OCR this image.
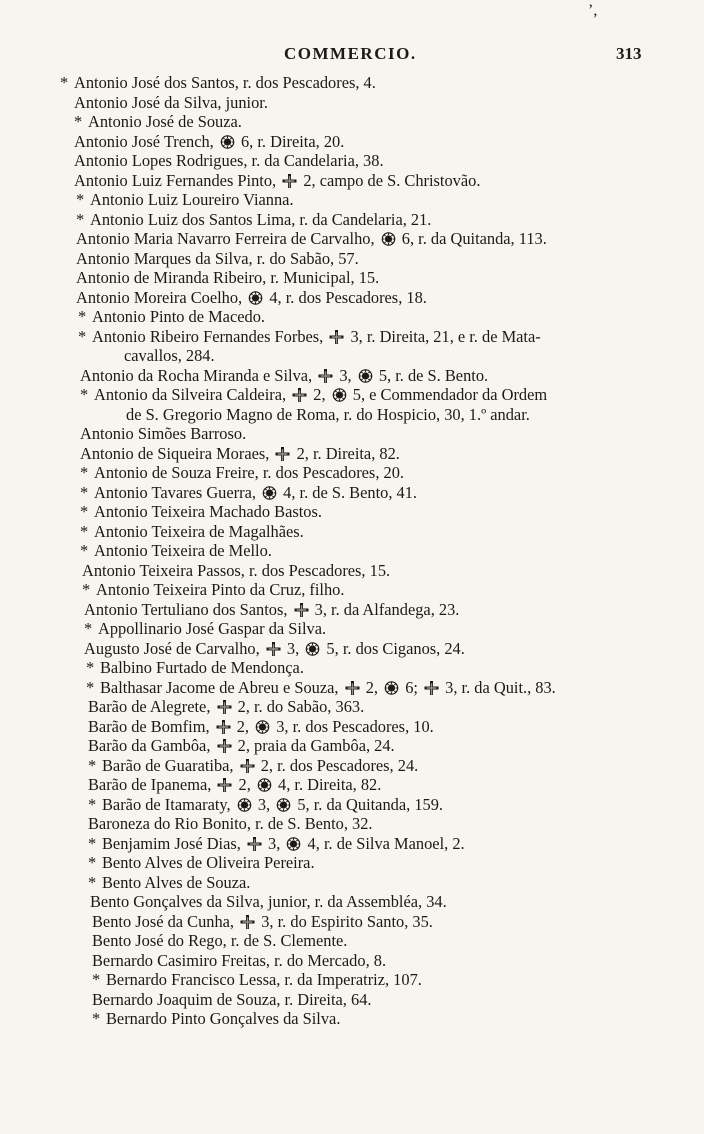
ʼ,
COMMERCIO.	313
* Antonio José dos Santos, r. dos Pescadores, 4.
Antonio José da Silva, junior.
* Antonio José de Souza.
Antonio José Trench,
6, r. Direita, 20.
Antonio Lopes Rodrigues, r. da Candelaria, 38.
Antonio Luiz Fernandes Pinto,
2, campo de S. Christovão.
* Antonio Luiz Loureiro Vianna.
* Antonio Luiz dos Santos Lima, r. da Candelaria, 21.
Antonio Maria Navarro Ferreira de Carvalho,
6, r. da Quitanda, 113.
Antonio Marques da Silva, r. do Sabão, 57.
Antonio de Miranda Ribeiro, r. Municipal, 15.
Antonio Moreira Coelho,
4, r. dos Pescadores, 18.
* Antonio Pinto de Macedo.
* Antonio Ribeiro Fernandes Forbes,
3, r. Direita, 21, e r. de Mata-
cavallos, 284.
Antonio da Rocha Miranda e Silva,
3,
5, r. de S. Bento.
* Antonio da Silveira Caldeira,
2,
5, e Commendador da Ordem
de S. Gregorio Magno de Roma, r. do Hospicio, 30, 1.º andar.
Antonio Simões Barroso.
Antonio de Siqueira Moraes,
2, r. Direita, 82.
* Antonio de Souza Freire, r. dos Pescadores, 20.
* Antonio Tavares Guerra,
4, r. de S. Bento, 41.
* Antonio Teixeira Machado Bastos.
* Antonio Teixeira de Magalhães.
* Antonio Teixeira de Mello.
Antonio Teixeira Passos, r. dos Pescadores, 15.
* Antonio Teixeira Pinto da Cruz, filho.
Antonio Tertuliano dos Santos,
3, r. da Alfandega, 23.
* Appollinario José Gaspar da Silva.
Augusto José de Carvalho,
3,
5, r. dos Ciganos, 24.
* Balbino Furtado de Mendonça.
* Balthasar Jacome de Abreu e Souza,
2,
6;
3, r. da Quit., 83.
Barão de Alegrete,
2, r. do Sabão, 363.
Barão de Bomfim,
2,
3, r. dos Pescadores, 10.
Barão da Gambôa,
2, praia da Gambôa, 24.
* Barão de Guaratiba,
2, r. dos Pescadores, 24.
Barão de Ipanema,
2,
4, r. Direita, 82.
* Barão de Itamaraty,
3,
5, r. da Quitanda, 159.
Baroneza do Rio Bonito, r. de S. Bento, 32.
* Benjamim José Dias,
3,
4, r. de Silva Manoel, 2.
* Bento Alves de Oliveira Pereira.
* Bento Alves de Souza.
Bento Gonçalves da Silva, junior, r. da Assembléa, 34.
Bento José da Cunha,
3, r. do Espirito Santo, 35.
Bento José do Rego, r. de S. Clemente.
Bernardo Casimiro Freitas, r. do Mercado, 8.
* Bernardo Francisco Lessa, r. da Imperatriz, 107.
Bernardo Joaquim de Souza, r. Direita, 64.
* Bernardo Pinto Gonçalves da Silva.
